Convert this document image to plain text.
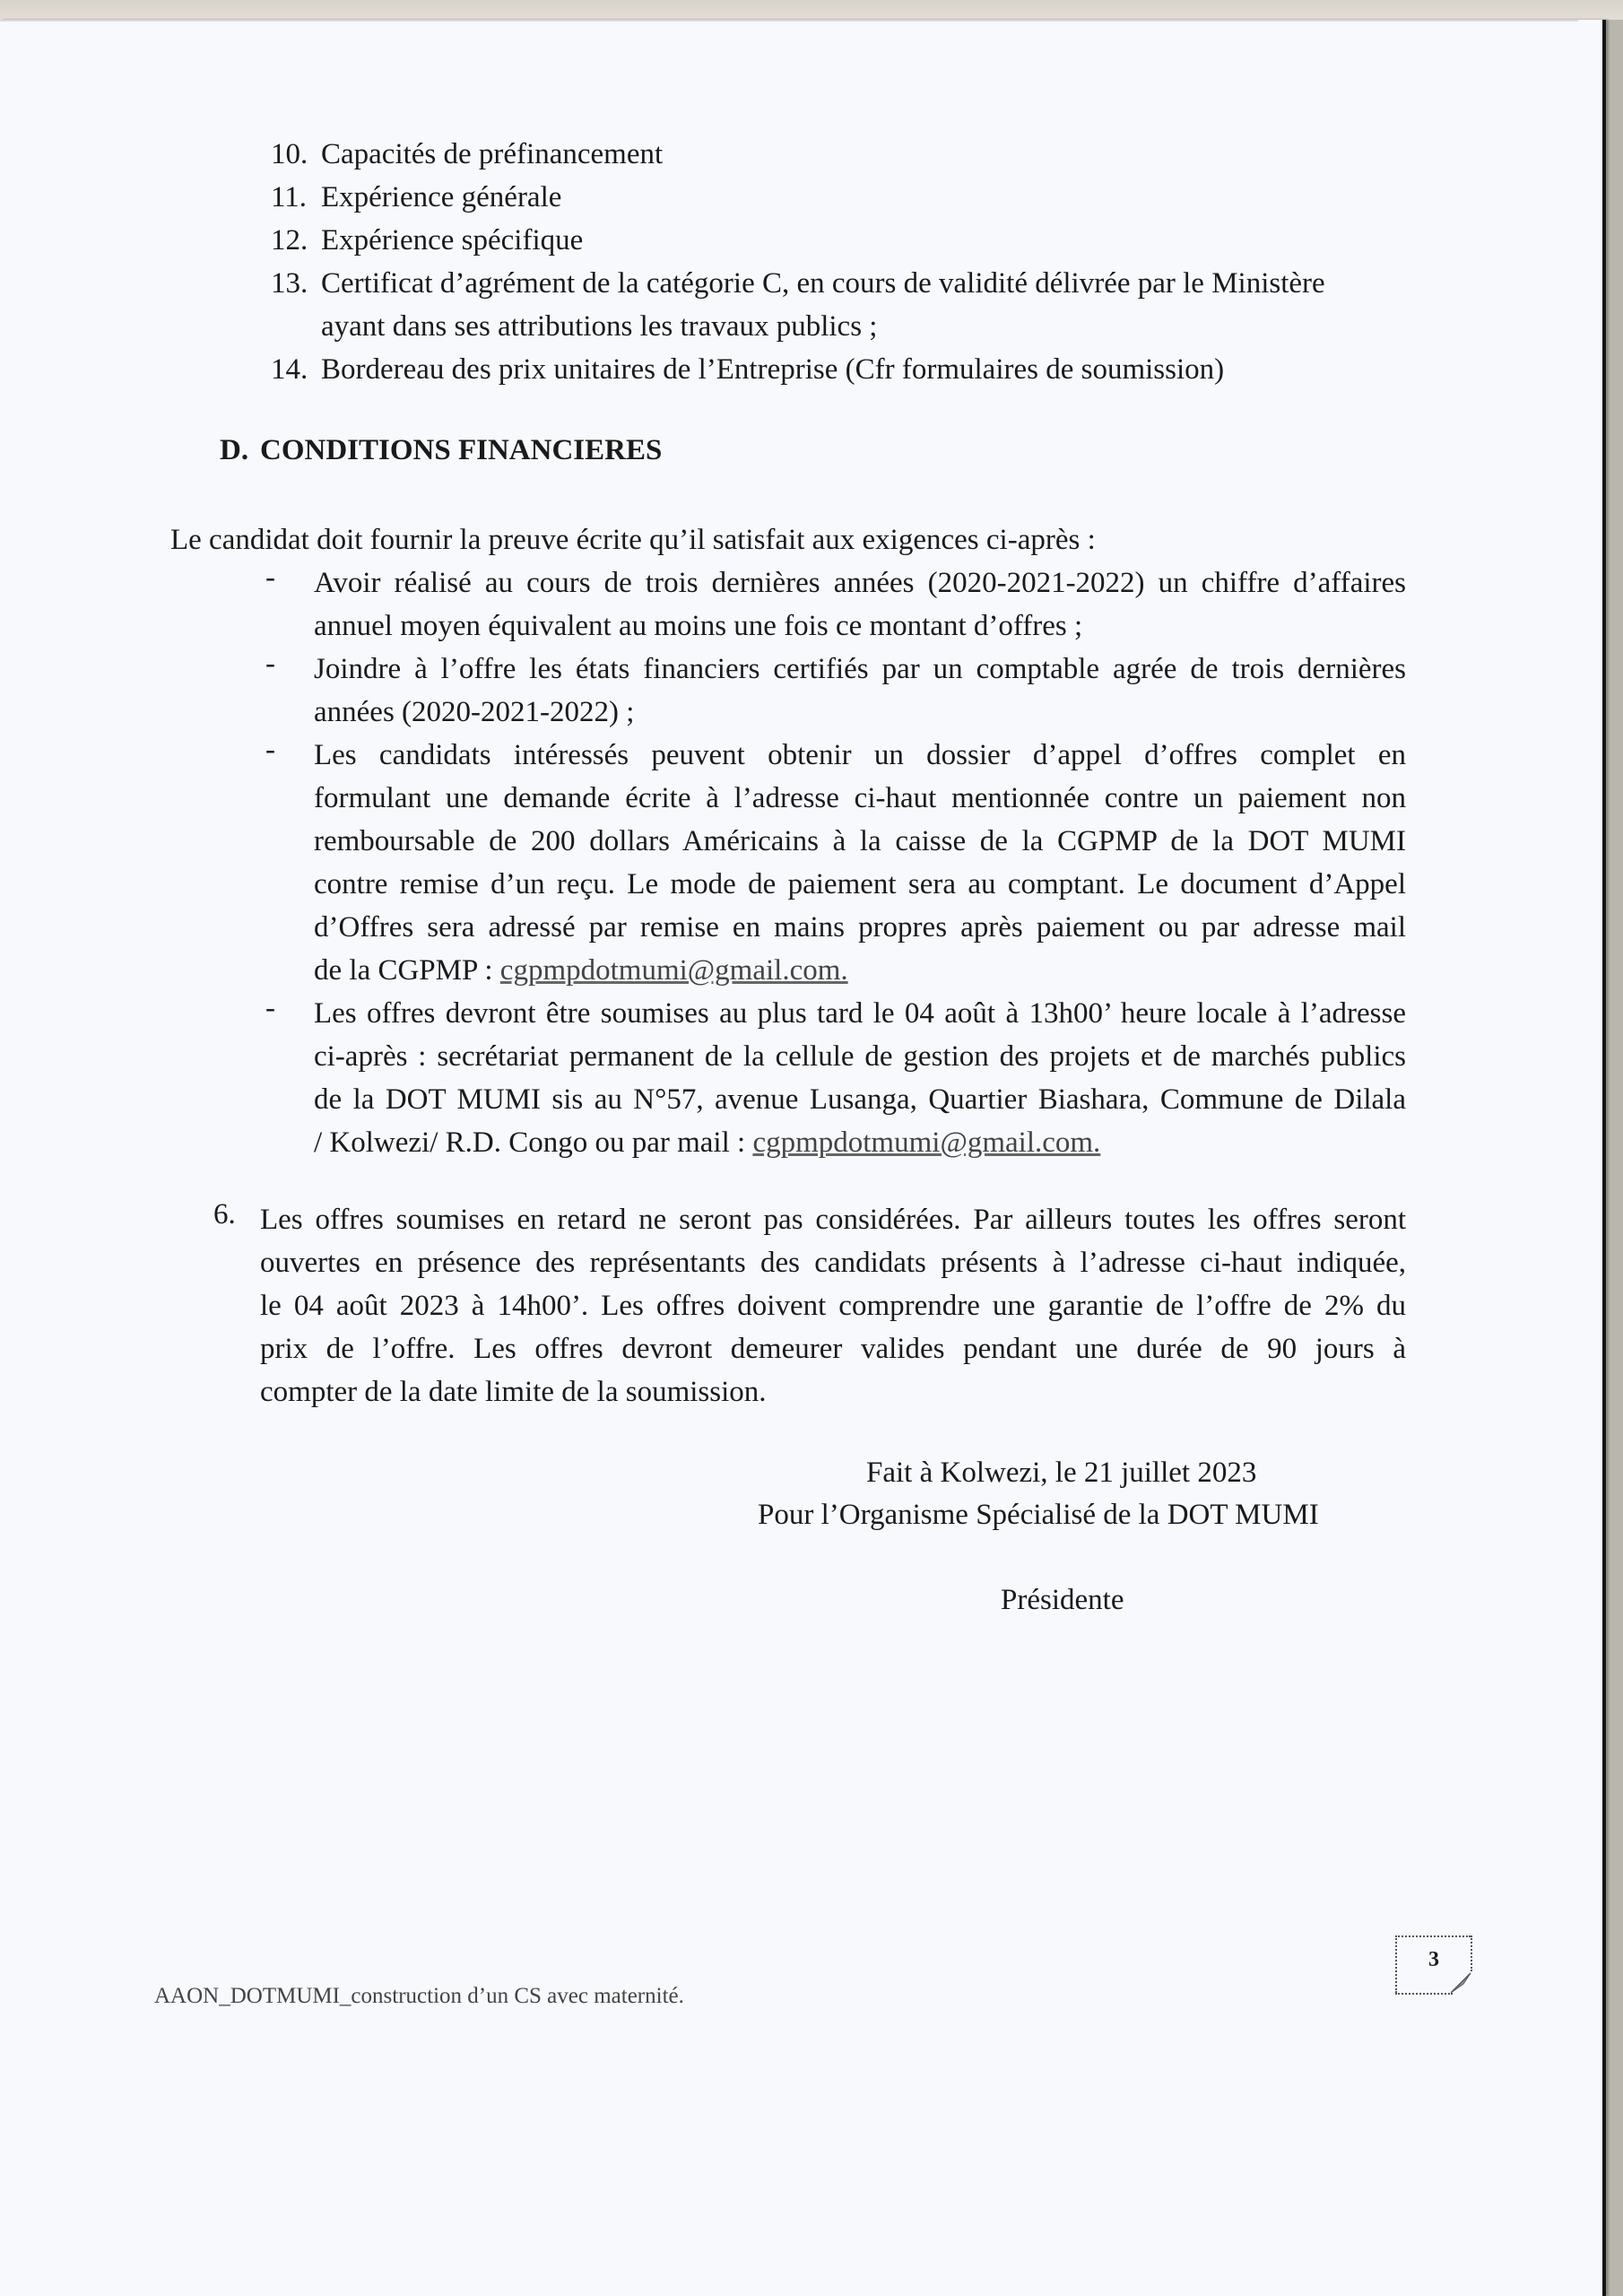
10. Capacités de préfinancement
11. Expérience générale
12. Expérience spécifique
13. Certificat d’agrément de la catégorie C, en cours de validité délivrée par le Ministère
ayant dans ses attributions les travaux publics ;
14. Bordereau des prix unitaires de l’Entreprise (Cfr formulaires de soumission)
D. CONDITIONS FINANCIERES
Le candidat doit fournir la preuve écrite qu’il satisfait aux exigences ci-après :
- Avoir réalisé au cours de trois dernières années (2020-2021-2022) un chiffre d’affaires
annuel moyen équivalent au moins une fois ce montant d’offres ;
- Joindre à l’offre les états financiers certifiés par un comptable agrée de trois dernières
années (2020-2021-2022) ;
- Les candidats intéressés peuvent obtenir un dossier d’appel d’offres complet en
formulant une demande écrite à l’adresse ci-haut mentionnée contre un paiement non
remboursable de 200 dollars Américains à la caisse de la CGPMP de la DOT MUMI
contre remise d’un reçu. Le mode de paiement sera au comptant. Le document d’Appel
d’Offres sera adressé par remise en mains propres après paiement ou par adresse mail
de la CGPMP : cgpmpdotmumi@gmail.com.
- Les offres devront être soumises au plus tard le 04 août à 13h00’ heure locale à l’adresse
ci-après : secrétariat permanent de la cellule de gestion des projets et de marchés publics
de la DOT MUMI sis au N°57, avenue Lusanga, Quartier Biashara, Commune de Dilala
/ Kolwezi/ R.D. Congo ou par mail : cgpmpdotmumi@gmail.com.
6. Les offres soumises en retard ne seront pas considérées. Par ailleurs toutes les offres seront
ouvertes en présence des représentants des candidats présents à l’adresse ci-haut indiquée,
le 04 août 2023 à 14h00’. Les offres doivent comprendre une garantie de l’offre de 2% du
prix de l’offre. Les offres devront demeurer valides pendant une durée de 90 jours à
compter de la date limite de la soumission.
Fait à Kolwezi, le 21 juillet 2023
Pour l’Organisme Spécialisé de la DOT MUMI
Présidente
AAON_DOTMUMI_construction d’un CS avec maternité.
3
